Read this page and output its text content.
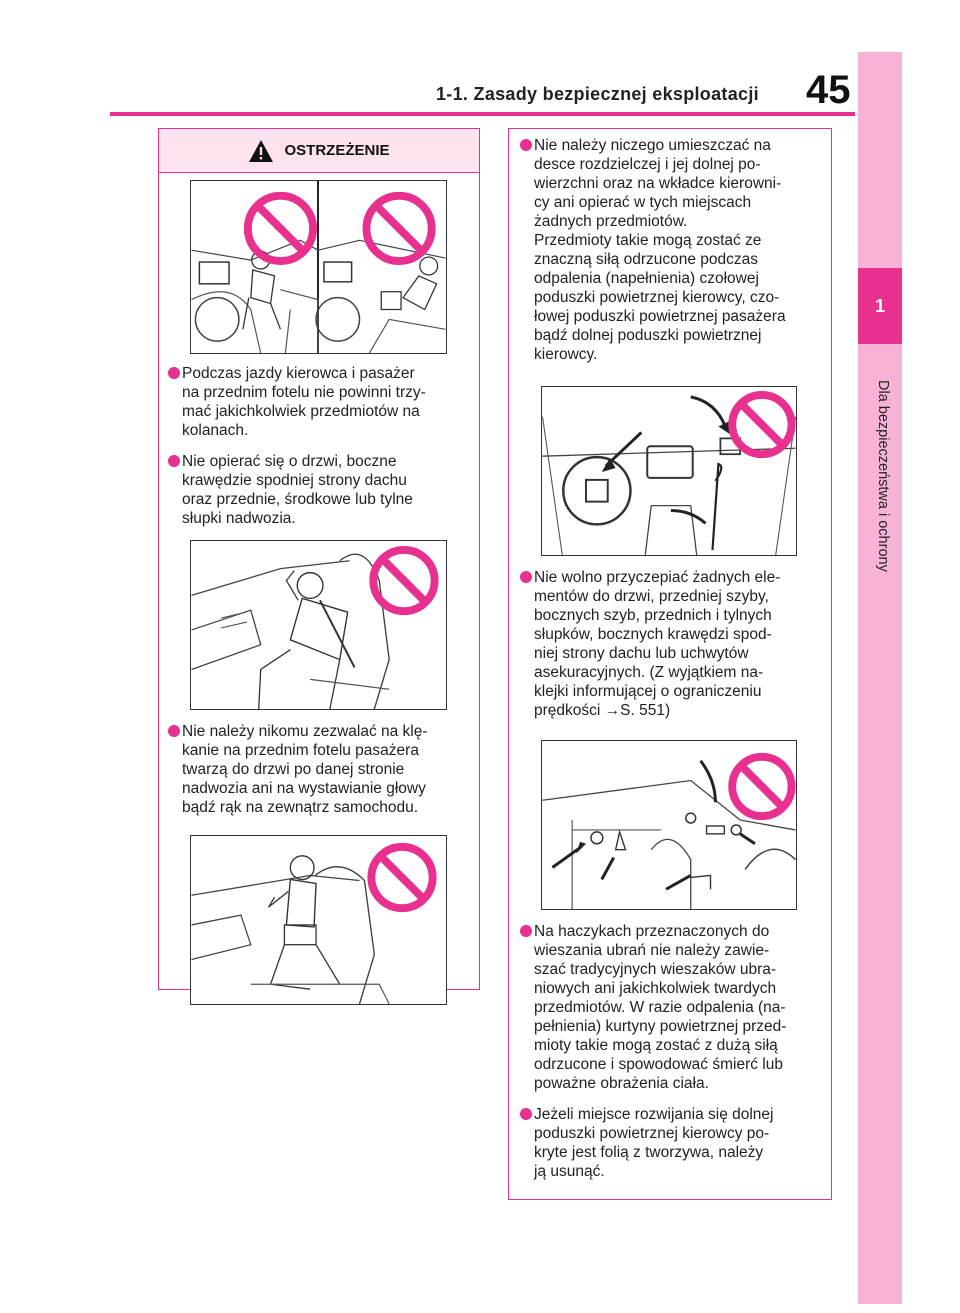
1-1. Zasady bezpiecznej eksploatacji 45
1
Dla bezpieczeństwa i ochrony
OSTRZEŻENIE
Podczas jazdy kierowca i pasażer
na przednim fotelu nie powinni trzy-
mać jakichkolwiek przedmiotów na
kolanach.
Nie opierać się o drzwi, boczne
krawędzie spodniej strony dachu
oraz przednie, środkowe lub tylne
słupki nadwozia.
Nie należy nikomu zezwalać na klę-
kanie na przednim fotelu pasażera
twarzą do drzwi po danej stronie
nadwozia ani na wystawianie głowy
bądź rąk na zewnątrz samochodu.
Nie należy niczego umieszczać na
desce rozdzielczej i jej dolnej po-
wierzchni oraz na wkładce kierowni-
cy ani opierać w tych miejscach
żadnych przedmiotów.
Przedmioty takie mogą zostać ze
znaczną siłą odrzucone podczas
odpalenia (napełnienia) czołowej
poduszki powietrznej kierowcy, czo-
łowej poduszki powietrznej pasażera
bądź dolnej poduszki powietrznej
kierowcy.
Nie wolno przyczepiać żadnych ele-
mentów do drzwi, przedniej szyby,
bocznych szyb, przednich i tylnych
słupków, bocznych krawędzi spod-
niej strony dachu lub uchwytów
asekuracyjnych. (Z wyjątkiem na-
klejki informującej o ograniczeniu
prędkości →S. 551)
Na haczykach przeznaczonych do
wieszania ubrań nie należy zawie-
szać tradycyjnych wieszaków ubra-
niowych ani jakichkolwiek twardych
przedmiotów. W razie odpalenia (na-
pełnienia) kurtyny powietrznej przed-
mioty takie mogą zostać z dużą siłą
odrzucone i spowodować śmierć lub
poważne obrażenia ciała.
Jeżeli miejsce rozwijania się dolnej
poduszki powietrznej kierowcy po-
kryte jest folią z tworzywa, należy
ją usunąć.
